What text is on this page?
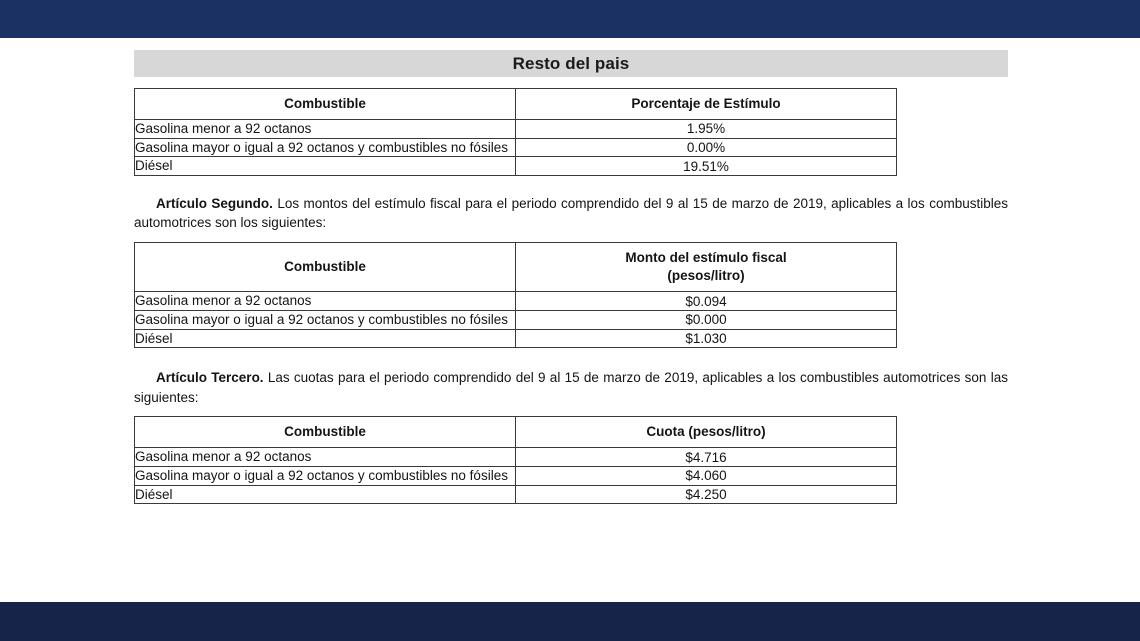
Resto del pais
Combustible	Porcentaje de Estímulo

Gasolina menor a 92 octanos	1.95%
Gasolina mayor o igual a 92 octanos y combustibles no fósiles	0.00%
Diésel	19.51%

Artículo Segundo. Los montos del estímulo fiscal para el periodo comprendido del 9 al 15 de marzo de 2019, aplicables a los combustibles automotrices son los siguientes:

Combustible	Monto del estímulo fiscal
(pesos/litro)

Gasolina menor a 92 octanos	$0.094
Gasolina mayor o igual a 92 octanos y combustibles no fósiles	$0.000
Diésel	$1.030

Artículo Tercero. Las cuotas para el periodo comprendido del 9 al 15 de marzo de 2019, aplicables a los combustibles automotrices son las siguientes:

Combustible	Cuota (pesos/litro)

Gasolina menor a 92 octanos	$4.716
Gasolina mayor o igual a 92 octanos y combustibles no fósiles	$4.060
Diésel	$4.250
